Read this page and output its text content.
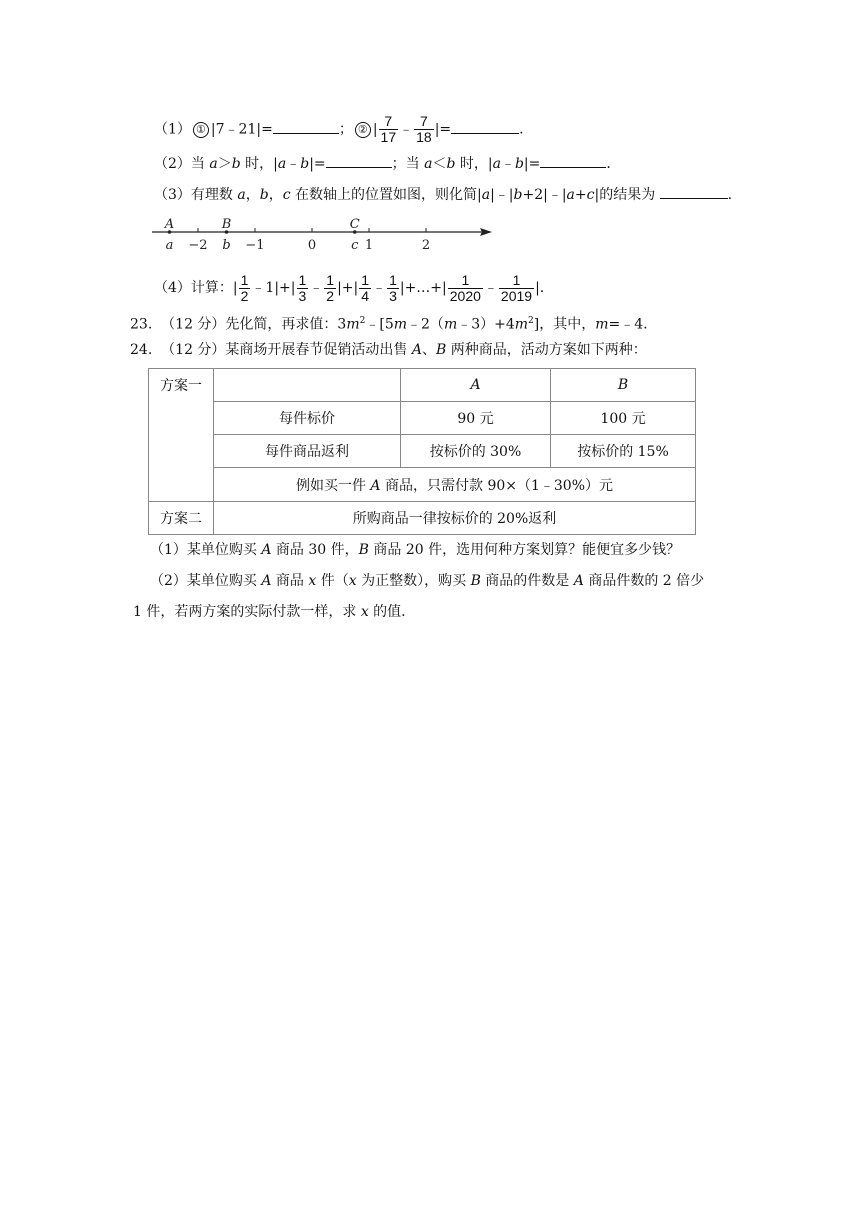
（1） ① |7﹣21|=	； ② | $\frac{7}{17}$ ﹣ $\frac{7}{18}$ |=	.
（2）当 a＞b 时，|a﹣b|=	；当 a＜b 时，|a﹣b|=	.
（3）有理数 a，b，c 在数轴上的位置如图，则化简|a|﹣|b+2|﹣|a+c|的结果为	.
−2	−1	0	1	2
A
a
B
b
C
c
（4）计算：| $\frac{1}{2}$ ﹣1|+| $\frac{1}{3}$ ﹣ $\frac{1}{2}$ |+| $\frac{1}{4}$ ﹣ $\frac{1}{3}$ |+…+| $\frac{1}{2020}$ ﹣ $\frac{1}{2019}$ |.
23. （12 分）先化简，再求值：$3m^2﹣[5m﹣2(m﹣3)+4m^2]$，其中，m=﹣4.
24. （12 分）某商场开展春节促销活动出售 A、B 两种商品，活动方案如下两种：
方案一		A	B
	每件标价	90 元	100 元
	每件商品返利	按标价的 30%	按标价的 15%
	例如买一件 A 商品，只需付款 90×（1﹣30%）元		
方案二	所购商品一律按标价的 20%返利		
（1）某单位购买 A 商品 30 件，B 商品 20 件，选用何种方案划算？能便宜多少钱？
（2）某单位购买 A 商品 x 件（x 为正整数），购买 B 商品的件数是 A 商品件数的 2 倍少
1 件，若两方案的实际付款一样，求 x 的值.
